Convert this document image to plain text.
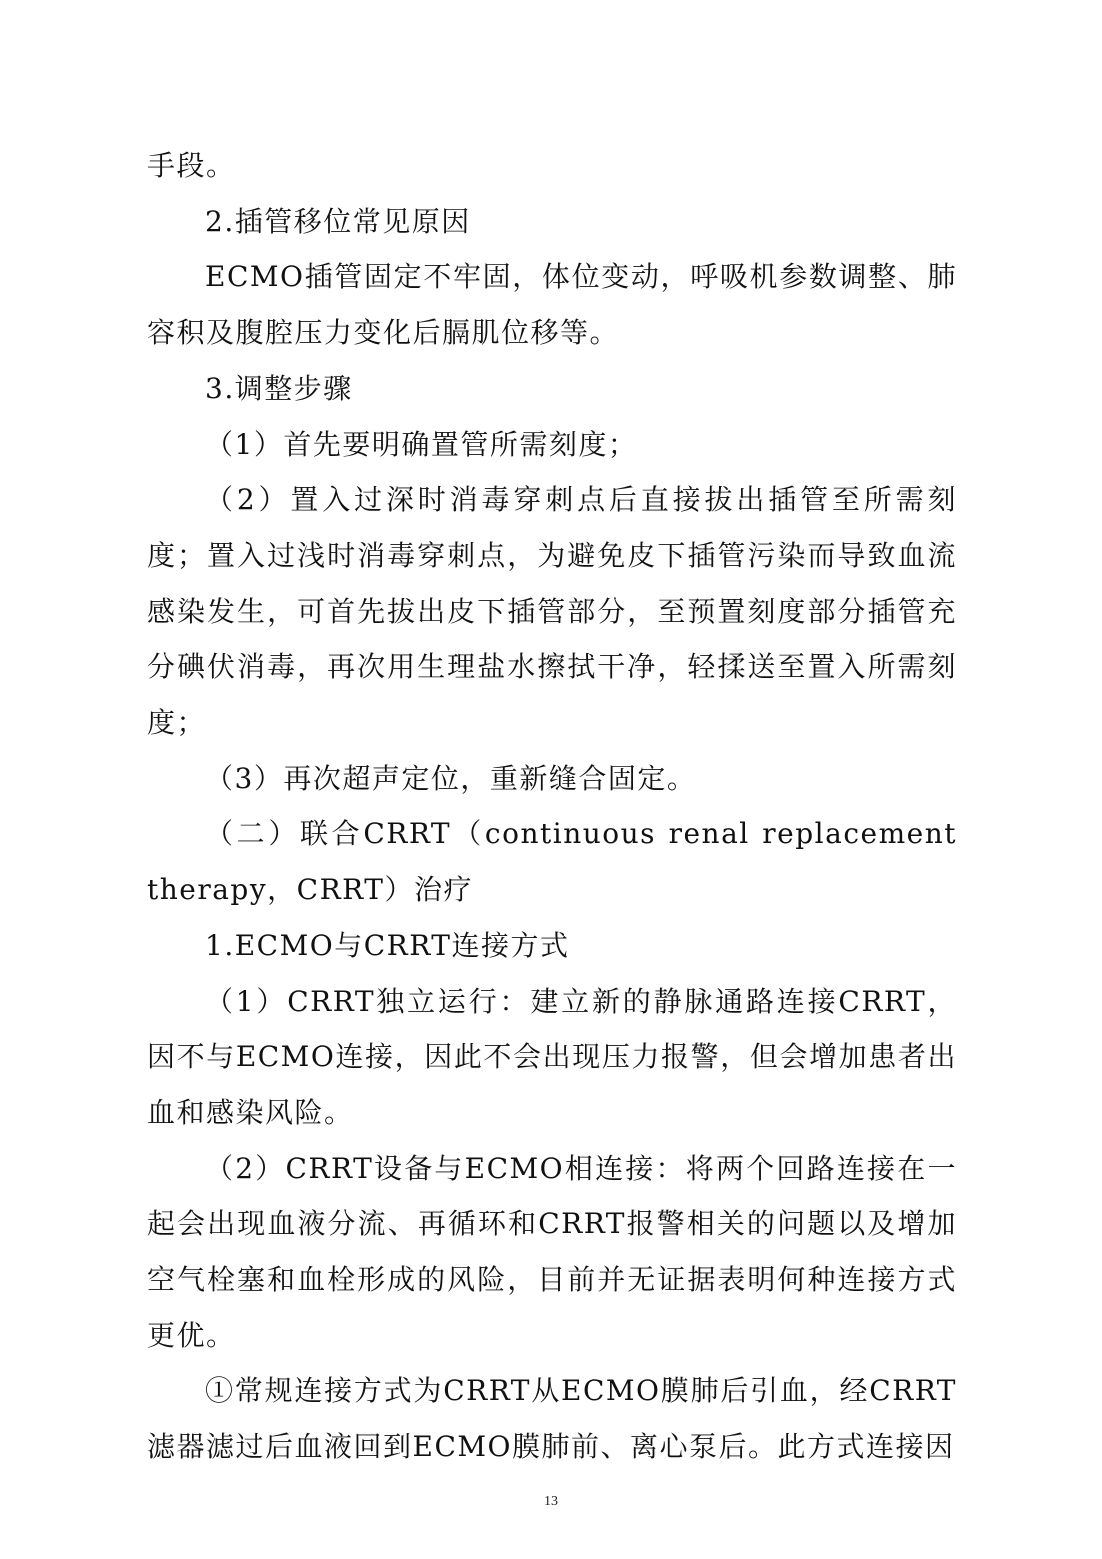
手段。

2.插管移位常见原因

ECMO插管固定不牢固，体位变动，呼吸机参数调整、肺容积及腹腔压力变化后膈肌位移等。

3.调整步骤

（1）首先要明确置管所需刻度；

（2）置入过深时消毒穿刺点后直接拔出插管至所需刻度；置入过浅时消毒穿刺点，为避免皮下插管污染而导致血流感染发生，可首先拔出皮下插管部分，至预置刻度部分插管充分碘伏消毒，再次用生理盐水擦拭干净，轻揉送至置入所需刻度；

（3）再次超声定位，重新缝合固定。

（二）联合CRRT（continuous renal replacement therapy，CRRT）治疗

1.ECMO与CRRT连接方式

（1）CRRT独立运行：建立新的静脉通路连接CRRT，因不与ECMO连接，因此不会出现压力报警，但会增加患者出血和感染风险。

（2）CRRT设备与ECMO相连接：将两个回路连接在一起会出现血液分流、再循环和CRRT报警相关的问题以及增加空气栓塞和血栓形成的风险，目前并无证据表明何种连接方式更优。

①常规连接方式为CRRT从ECMO膜肺后引血，经CRRT滤器滤过后血液回到ECMO膜肺前、离心泵后。此方式连接因

13
